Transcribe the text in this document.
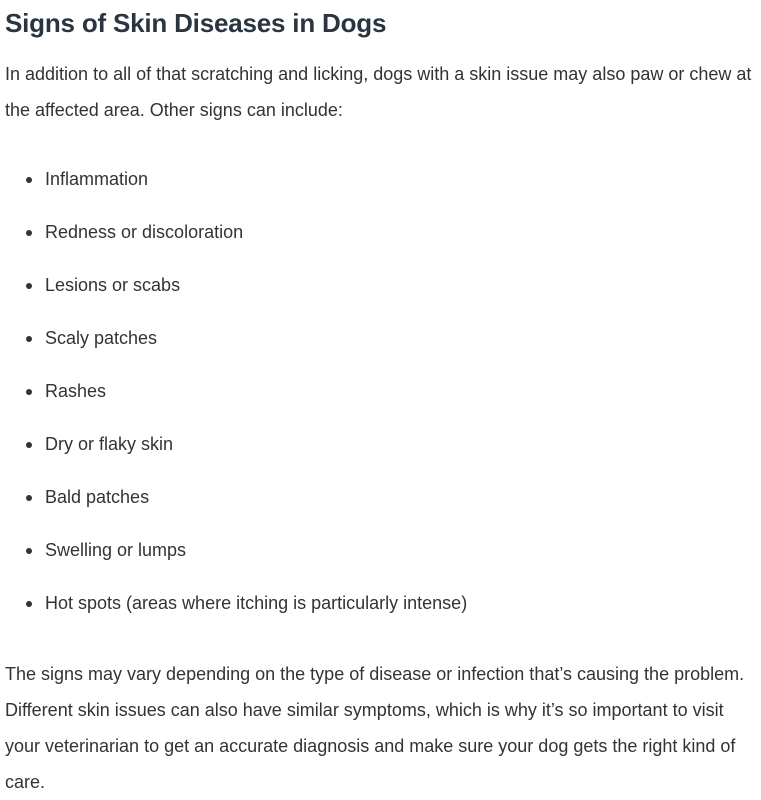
Signs of Skin Diseases in Dogs

In addition to all of that scratching and licking, dogs with a skin issue may also paw or chew at the affected area. Other signs can include:

Inflammation
Redness or discoloration
Lesions or scabs
Scaly patches
Rashes
Dry or flaky skin
Bald patches
Swelling or lumps
Hot spots (areas where itching is particularly intense)

The signs may vary depending on the type of disease or infection that’s causing the problem. Different skin issues can also have similar symptoms, which is why it’s so important to visit your veterinarian to get an accurate diagnosis and make sure your dog gets the right kind of care.
